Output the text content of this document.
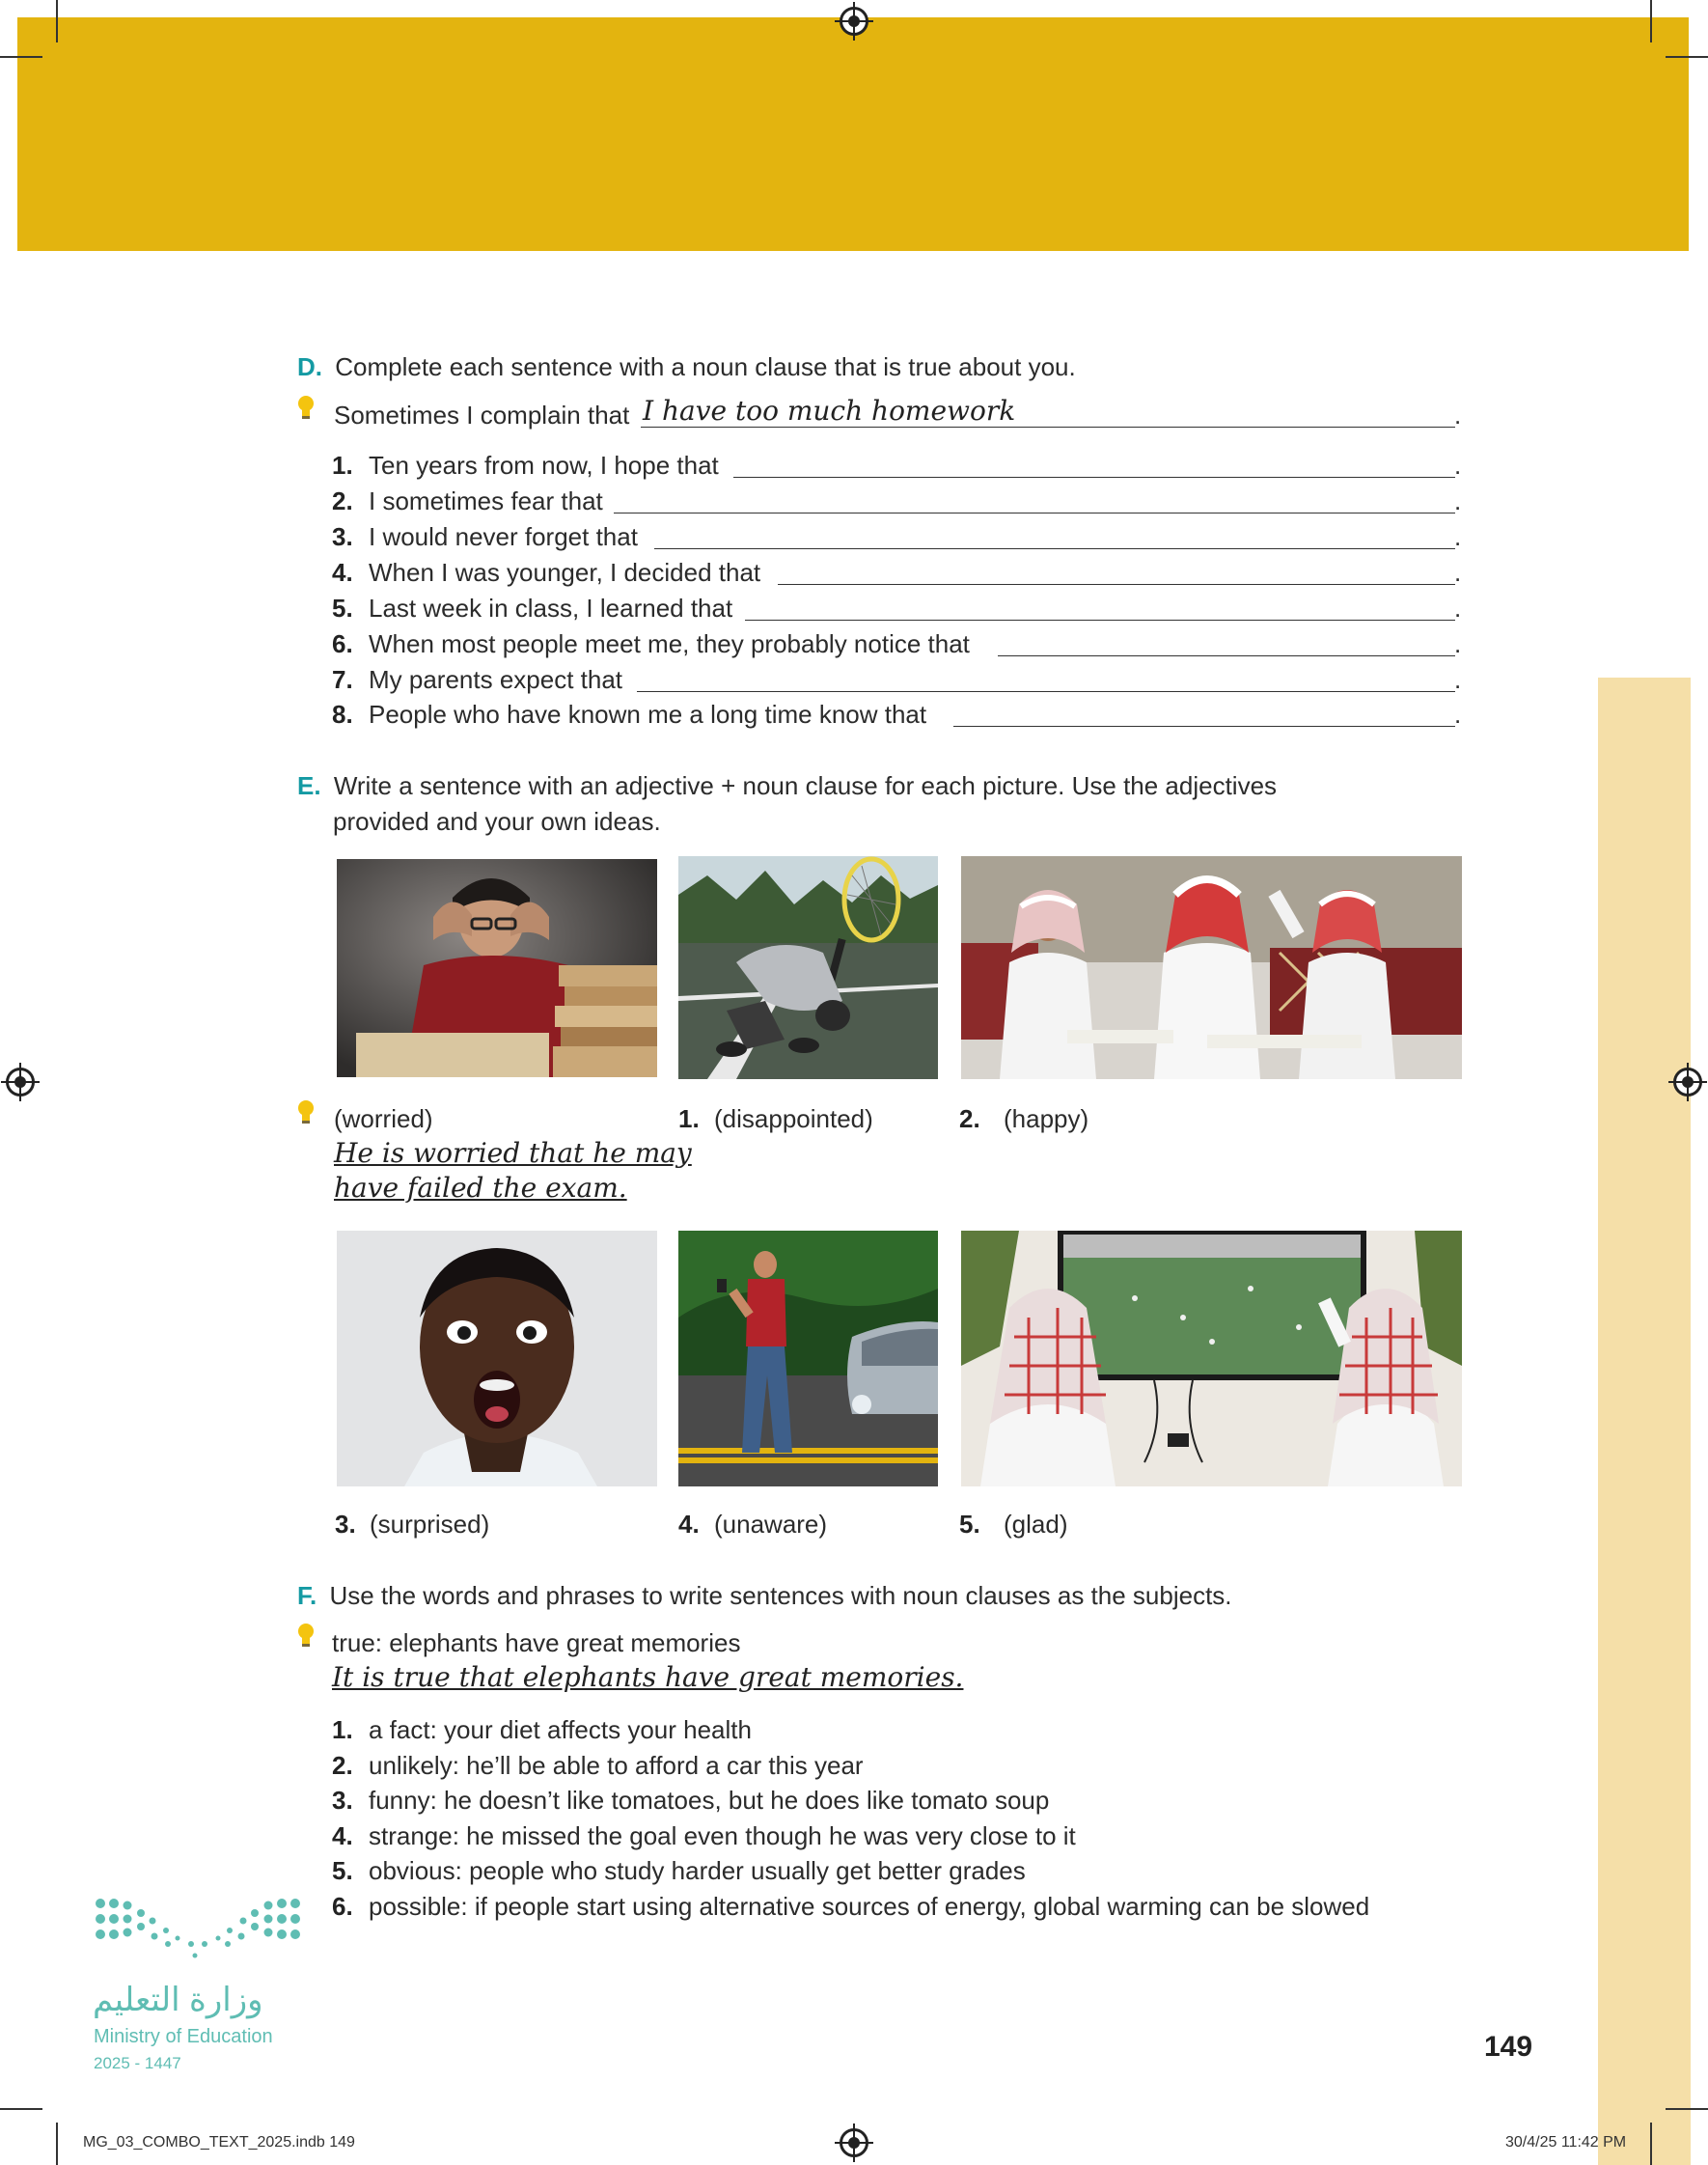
D. Complete each sentence with a noun clause that is true about you.
Sometimes I complain that I have too much homework	.
1. Ten years from now, I hope that	.
2. I sometimes fear that	.
3. I would never forget that	.
4. When I was younger, I decided that	.
5. Last week in class, I learned that	.
6. When most people meet me, they probably notice that	.
7. My parents expect that	.
8. People who have known me a long time know that	.
E. Write a sentence with an adjective + noun clause for each picture. Use the adjectives
provided and your own ideas.
(worried)
He is worried that he may
have failed the exam.
1. (disappointed)	2. (happy)
3. (surprised)	4. (unaware)	5. (glad)
F. Use the words and phrases to write sentences with noun clauses as the subjects.
true: elephants have great memories
It is true that elephants have great memories.
1. a fact: your diet affects your health
2. unlikely: he’ll be able to afford a car this year
3. funny: he doesn’t like tomatoes, but he does like tomato soup
4. strange: he missed the goal even though he was very close to it
5. obvious: people who study harder usually get better grades
6. possible: if people start using alternative sources of energy, global warming can be slowed
وزارة التعليم
Ministry of Education
2025 - 1447
149
MG_03_COMBO_TEXT_2025.indb 149	30/4/25 11:42 PM
